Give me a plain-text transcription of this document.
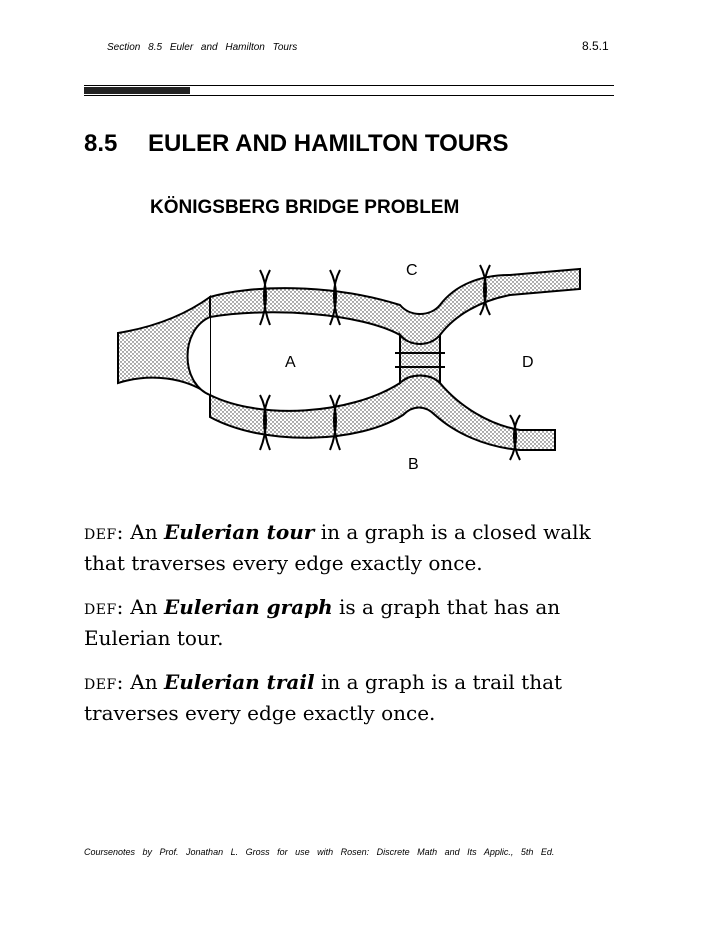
Section 8.5 Euler and Hamilton Tours	8.5.1
8.5 EULER AND HAMILTON TOURS
KÖNIGSBERG BRIDGE PROBLEM
A
B
C
D
def: An Eulerian tour in a graph is a closed walk that traverses every edge exactly once.
def: An Eulerian graph is a graph that has an Eulerian tour.
def: An Eulerian trail in a graph is a trail that traverses every edge exactly once.
Coursenotes by Prof. Jonathan L. Gross for use with Rosen: Discrete Math and Its Applic., 5th Ed.
